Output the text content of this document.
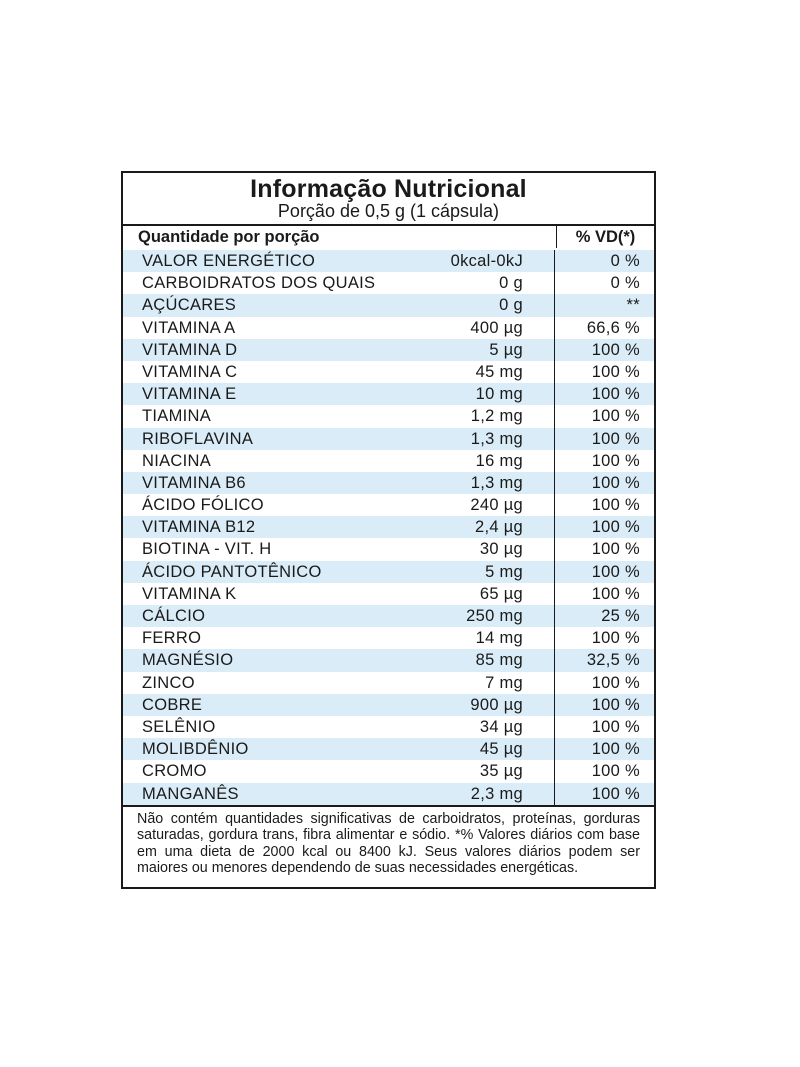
Informação Nutricional
Porção de 0,5 g (1 cápsula)
Quantidade por porção	% VD(*)
VALOR ENERGÉTICO	0kcal-0kJ	0 %
CARBOIDRATOS DOS QUAIS	0 g	0 %
AÇÚCARES	0 g	**
VITAMINA A	400 µg	66,6 %
VITAMINA D	5 µg	100 %
VITAMINA C	45 mg	100 %
VITAMINA E	10 mg	100 %
TIAMINA	1,2 mg	100 %
RIBOFLAVINA	1,3 mg	100 %
NIACINA	16 mg	100 %
VITAMINA B6	1,3 mg	100 %
ÁCIDO FÓLICO	240 µg	100 %
VITAMINA B12	2,4 µg	100 %
BIOTINA - VIT. H	30 µg	100 %
ÁCIDO PANTOTÊNICO	5 mg	100 %
VITAMINA K	65 µg	100 %
CÁLCIO	250 mg	25 %
FERRO	14 mg	100 %
MAGNÉSIO	85 mg	32,5 %
ZINCO	7 mg	100 %
COBRE	900 µg	100 %
SELÊNIO	34 µg	100 %
MOLIBDÊNIO	45 µg	100 %
CROMO	35 µg	100 %
MANGANÊS	2,3 mg	100 %
Não contém quantidades significativas de carboidratos, proteínas, gorduras saturadas, gordura trans, fibra alimentar e sódio. *% Valores diários com base em uma dieta de 2000 kcal ou 8400 kJ. Seus valores diários podem ser maiores ou menores dependendo de suas necessidades energéticas.
